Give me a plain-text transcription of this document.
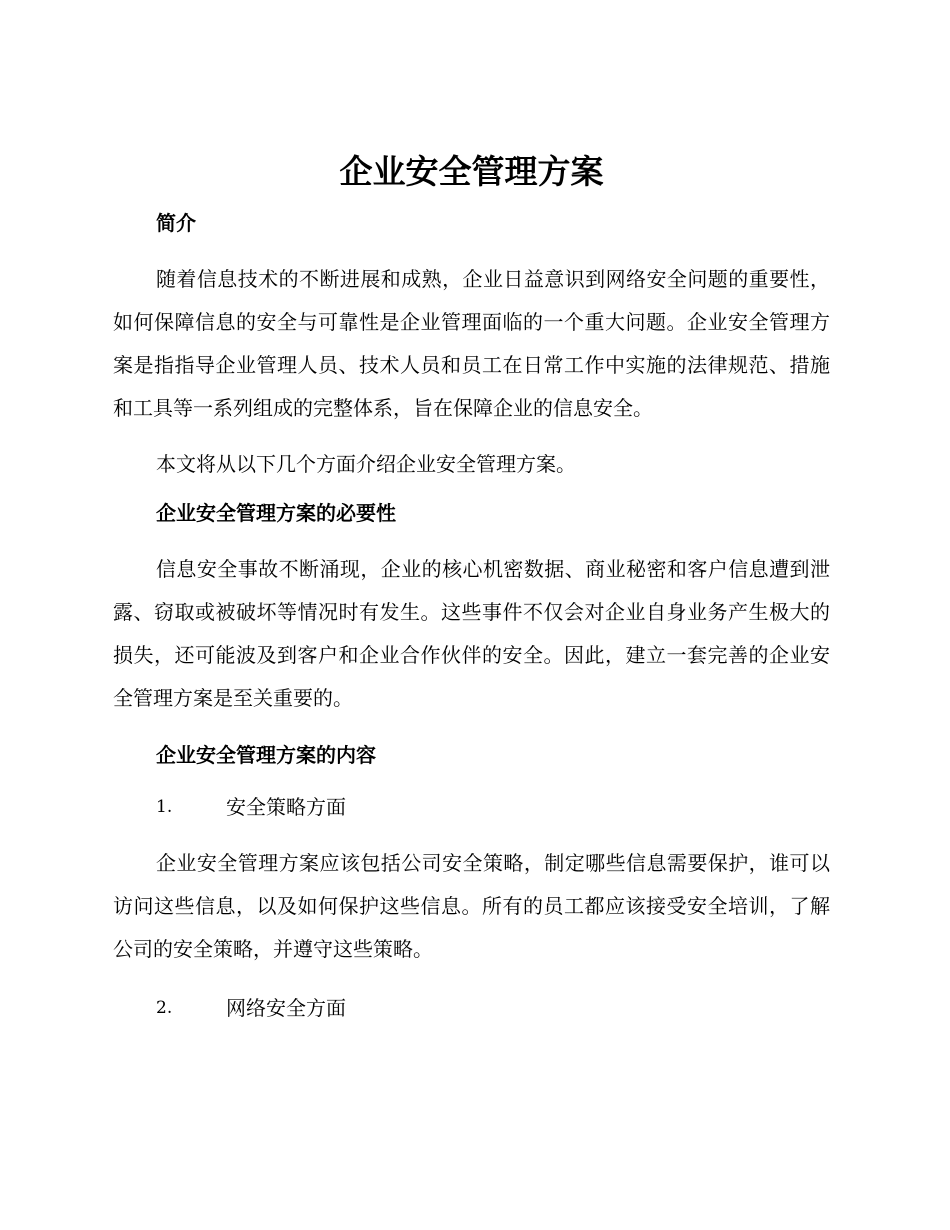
企业安全管理方案
简介

随着信息技术的不断进展和成熟，企业日益意识到网络安全问题的重要性，如何保障信息的安全与可靠性是企业管理面临的一个重大问题。企业安全管理方案是指指导企业管理人员、技术人员和员工在日常工作中实施的法律规范、措施和工具等一系列组成的完整体系，旨在保障企业的信息安全。

本文将从以下几个方面介绍企业安全管理方案。

企业安全管理方案的必要性

信息安全事故不断涌现，企业的核心机密数据、商业秘密和客户信息遭到泄露、窃取或被破坏等情况时有发生。这些事件不仅会对企业自身业务产生极大的损失，还可能波及到客户和企业合作伙伴的安全。因此，建立一套完善的企业安全管理方案是至关重要的。

企业安全管理方案的内容
1.	安全策略方面

企业安全管理方案应该包括公司安全策略，制定哪些信息需要保护，谁可以访问这些信息，以及如何保护这些信息。所有的员工都应该接受安全培训，了解公司的安全策略，并遵守这些策略。

2.	网络安全方面
